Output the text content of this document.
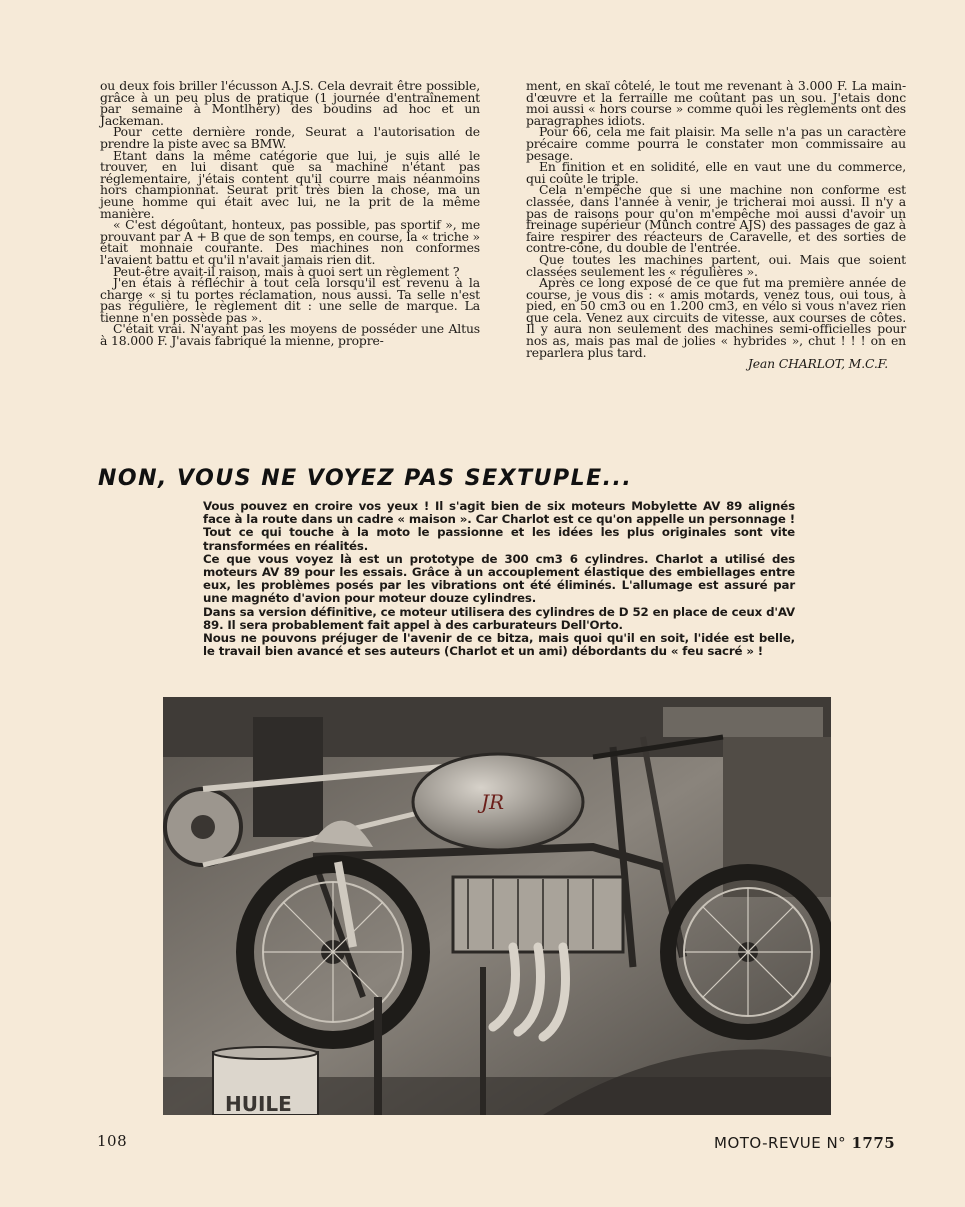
ou deux fois briller l'écusson A.J.S. Cela devrait être possible, grâce à un peu plus de pratique (1 journée d'entraînement par semaine à Montlhéry) des boudins ad hoc et un Jackeman.

Pour cette dernière ronde, Seurat a l'autorisation de prendre la piste avec sa BMW.

Etant dans la même catégorie que lui, je suis allé le trouver, en lui disant que sa machine n'étant pas réglementaire, j'étais content qu'il courre mais néanmoins hors championnat. Seurat prit très bien la chose, ma un jeune homme qui était avec lui, ne la prit de la même manière.

« C'est dégoûtant, honteux, pas possible, pas sportif », me prouvant par A + B que de son temps, en course, la « triche » était monnaie courante. Des machines non conformes l'avaient battu et qu'il n'avait jamais rien dit.

Peut-être avait-il raison, mais à quoi sert un règlement ?

J'en étais à réfléchir à tout cela lorsqu'il est revenu à la charge « si tu portes réclamation, nous aussi. Ta selle n'est pas régulière, le règlement dit : une selle de marque. La tienne n'en possède pas ».

C'était vrai. N'ayant pas les moyens de posséder une Altus à 18.000 F. J'avais fabriqué la mienne, propre-

ment, en skaï côtelé, le tout me revenant à 3.000 F. La main-d'œuvre et la ferraille me coûtant pas un sou. J'etais donc moi aussi « hors course » comme quoi les règlements ont des paragraphes idiots.

Pour 66, cela me fait plaisir. Ma selle n'a pas un caractère précaire comme pourra le constater mon commissaire au pesage.

En finition et en solidité, elle en vaut une du commerce, qui coûte le triple.

Cela n'empêche que si une machine non conforme est classée, dans l'année à venir, je tricherai moi aussi. Il n'y a pas de raisons pour qu'on m'empêche moi aussi d'avoir un freinage supérieur (Münch contre AJS) des passages de gaz à faire respirer des réacteurs de Caravelle, et des sorties de contre-cône, du double de l'entrée.

Que toutes les machines partent, oui. Mais que soient classées seulement les « régulières ».

Après ce long exposé de ce que fut ma première année de course, je vous dis : « amis motards, venez tous, oui tous, à pied, en 50 cm3 ou en 1.200 cm3, en vélo si vous n'avez rien que cela. Venez aux circuits de vitesse, aux courses de côtes. Il y aura non seulement des machines semi-officielles pour nos as, mais pas mal de jolies « hybrides », chut ! ! ! on en reparlera plus tard.

Jean CHARLOT, M.C.F.
NON, VOUS NE VOYEZ PAS SEXTUPLE...

Vous pouvez en croire vos yeux ! Il s'agit bien de six moteurs Mobylette AV 89 alignés face à la route dans un cadre « maison ». Car Charlot est ce qu'on appelle un personnage ! Tout ce qui touche à la moto le passionne et les idées les plus originales sont vite transformées en réalités.

Ce que vous voyez là est un prototype de 300 cm3 6 cylindres. Charlot a utilisé des moteurs AV 89 pour les essais. Grâce à un accouplement élastique des embiellages entre eux, les problèmes posés par les vibrations ont été éliminés. L'allumage est assuré par une magnéto d'avion pour moteur douze cylindres.

Dans sa version définitive, ce moteur utilisera des cylindres de D 52 en place de ceux d'AV 89. Il sera probablement fait appel à des carburateurs Dell'Orto.

Nous ne pouvons préjuger de l'avenir de ce bitza, mais quoi qu'il en soit, l'idée est belle, le travail bien avancé et ses auteurs (Charlot et un ami) débordants du « feu sacré » !

JR
HUILE
108	MOTO-REVUE N° 1775
